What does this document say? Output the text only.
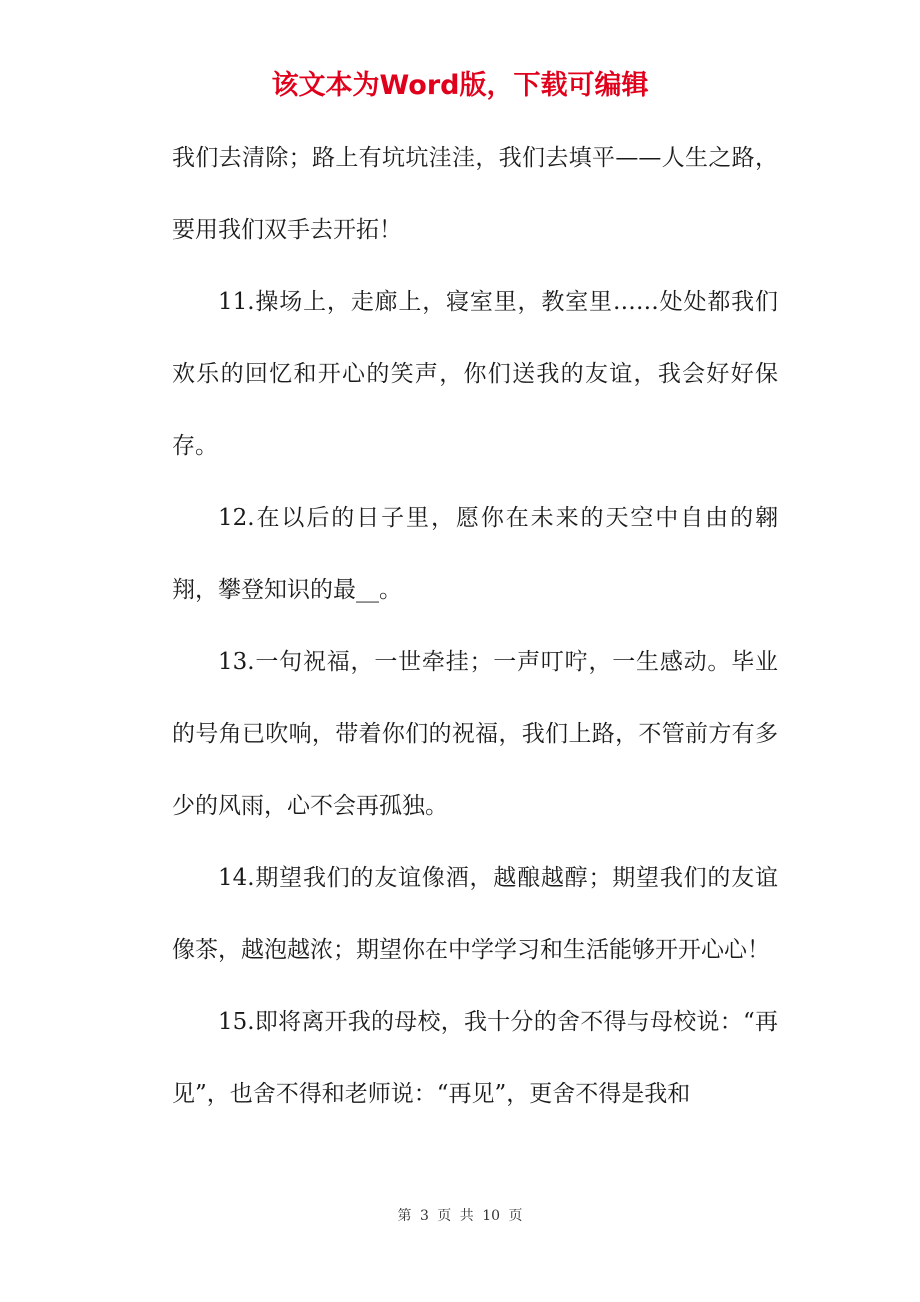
该文本为Word版，下载可编辑

我们去清除；路上有坑坑洼洼，我们去填平——人生之路，要用我们双手去开拓！

11.操场上，走廊上，寝室里，教室里……处处都我们欢乐的回忆和开心的笑声，你们送我的友谊，我会好好保存。

12.在以后的日子里，愿你在未来的天空中自由的翱翔，攀登知识的最__。

13.一句祝福，一世牵挂；一声叮咛，一生感动。毕业的号角已吹响，带着你们的祝福，我们上路，不管前方有多少的风雨，心不会再孤独。

14.期望我们的友谊像酒，越酿越醇；期望我们的友谊像茶，越泡越浓；期望你在中学学习和生活能够开开心心！

15.即将离开我的母校，我十分的舍不得与母校说：“再见”，也舍不得和老师说：“再见”，更舍不得是我和

第 3 页 共 10 页
